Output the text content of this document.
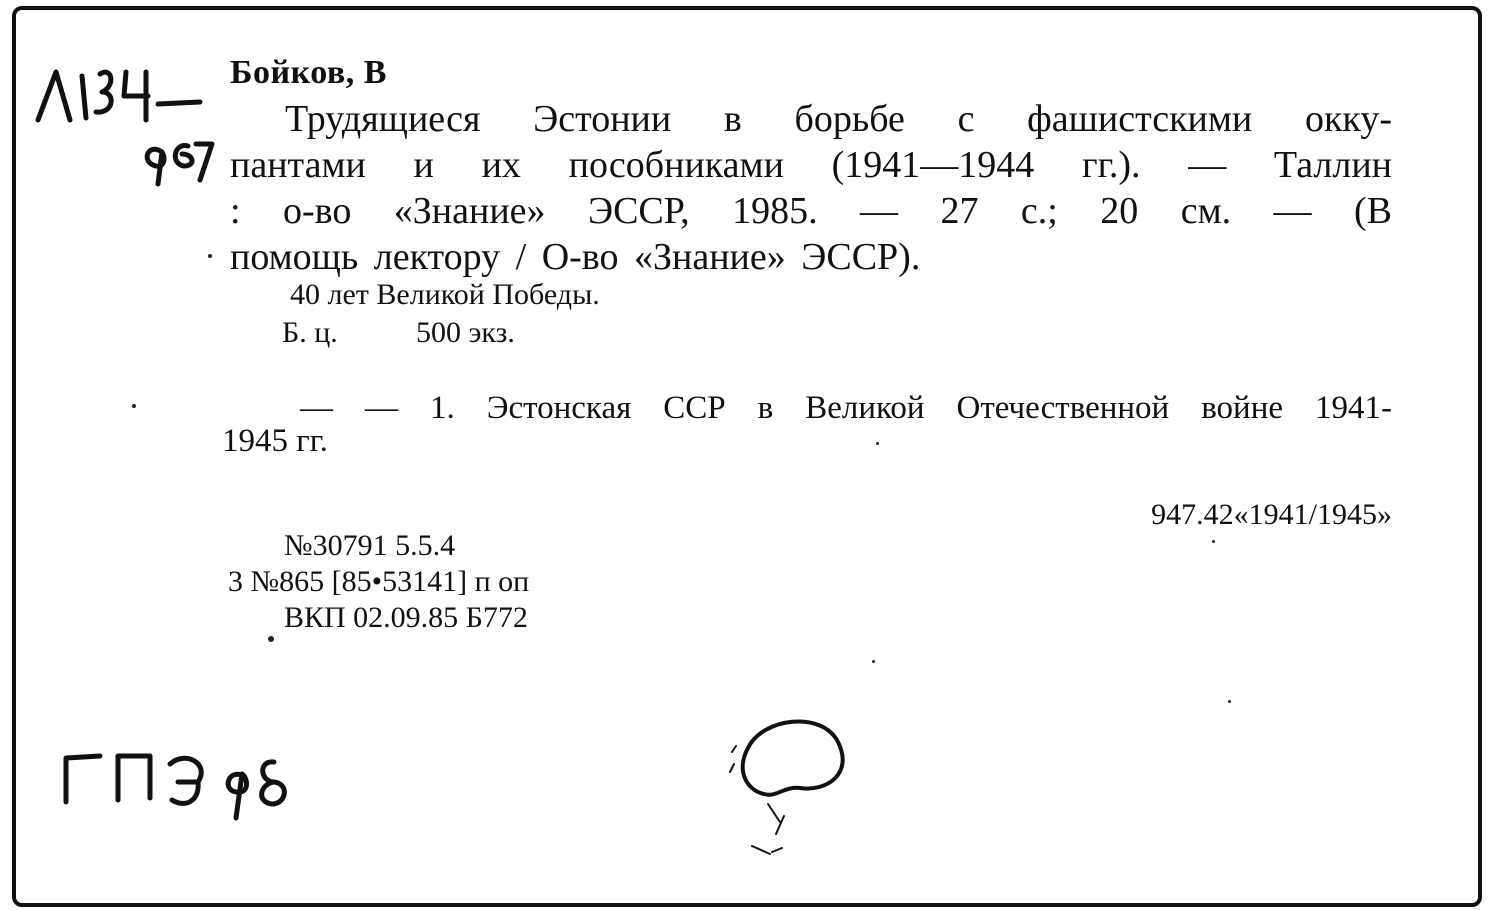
Бойков, В
Трудящиеся Эстонии в борьбе с фашистскими окку-
пантами и их пособниками (1941—1944 гг.). — Таллин
: о-во «Знание» ЭССР, 1985. — 27 с.; 20 см. — (В
помощь лектору / О-во «Знание» ЭССР).
40 лет Великой Победы.
Б. ц.	500 экз.
— — 1. Эстонская ССР в Великой Отечественной войне 1941-
1945 гг.
947.42«1941/1945»
№30791 5.5.4
3 №865 [85•53141] п оп
ВКП 02.09.85 Б772
